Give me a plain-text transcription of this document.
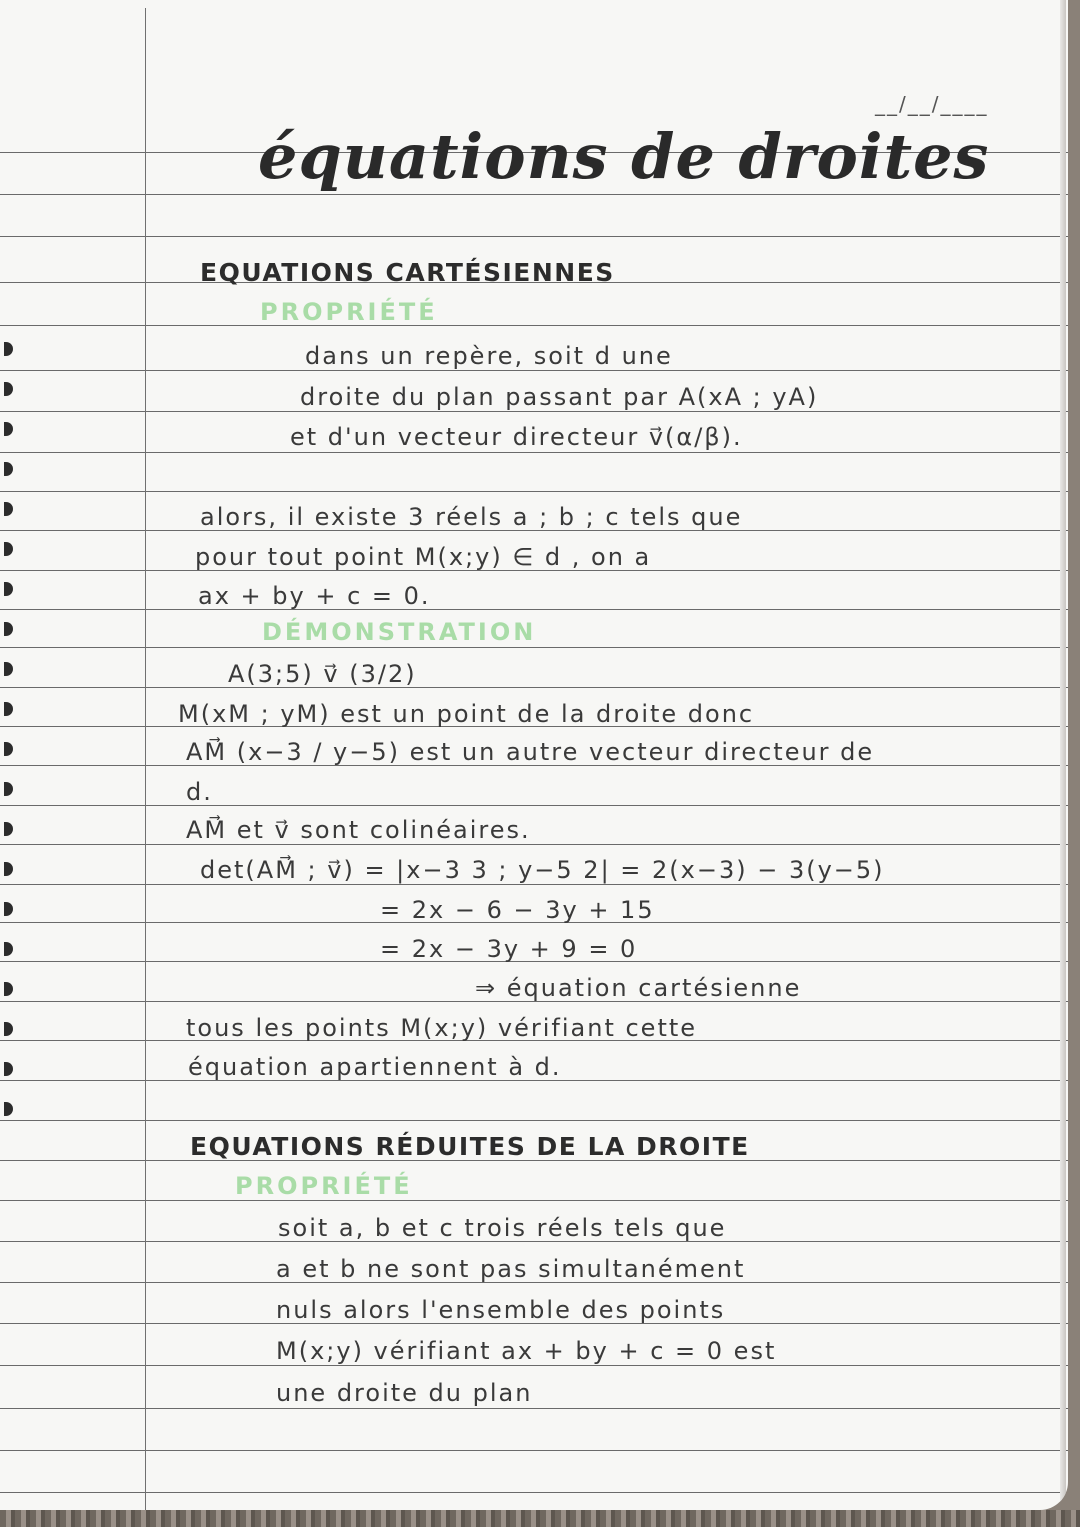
__/__/____
équations de droites
EQUATIONS CARTÉSIENNES
PROPRIÉTÉ
dans un repère, soit d une
droite du plan passant par A(xA ; yA)
et d'un vecteur directeur v⃗(α/β).
alors, il existe 3 réels a ; b ; c tels que
pour tout point M(x;y) ∈ d , on a
ax + by + c = 0.
DÉMONSTRATION
A(3;5) v⃗ (3/2)
M(xM ; yM) est un point de la droite donc
AM⃗ (x−3 / y−5) est un autre vecteur directeur de
d.
AM⃗ et v⃗ sont colinéaires.
det(AM⃗ ; v⃗) = |x−3 3 ; y−5 2| = 2(x−3) − 3(y−5)
= 2x − 6 − 3y + 15
= 2x − 3y + 9 = 0
⇒ équation cartésienne
tous les points M(x;y) vérifiant cette
équation apartiennent à d.
EQUATIONS RÉDUITES DE LA DROITE
PROPRIÉTÉ
soit a, b et c trois réels tels que
a et b ne sont pas simultanément
nuls alors l'ensemble des points
M(x;y) vérifiant ax + by + c = 0 est
une droite du plan
